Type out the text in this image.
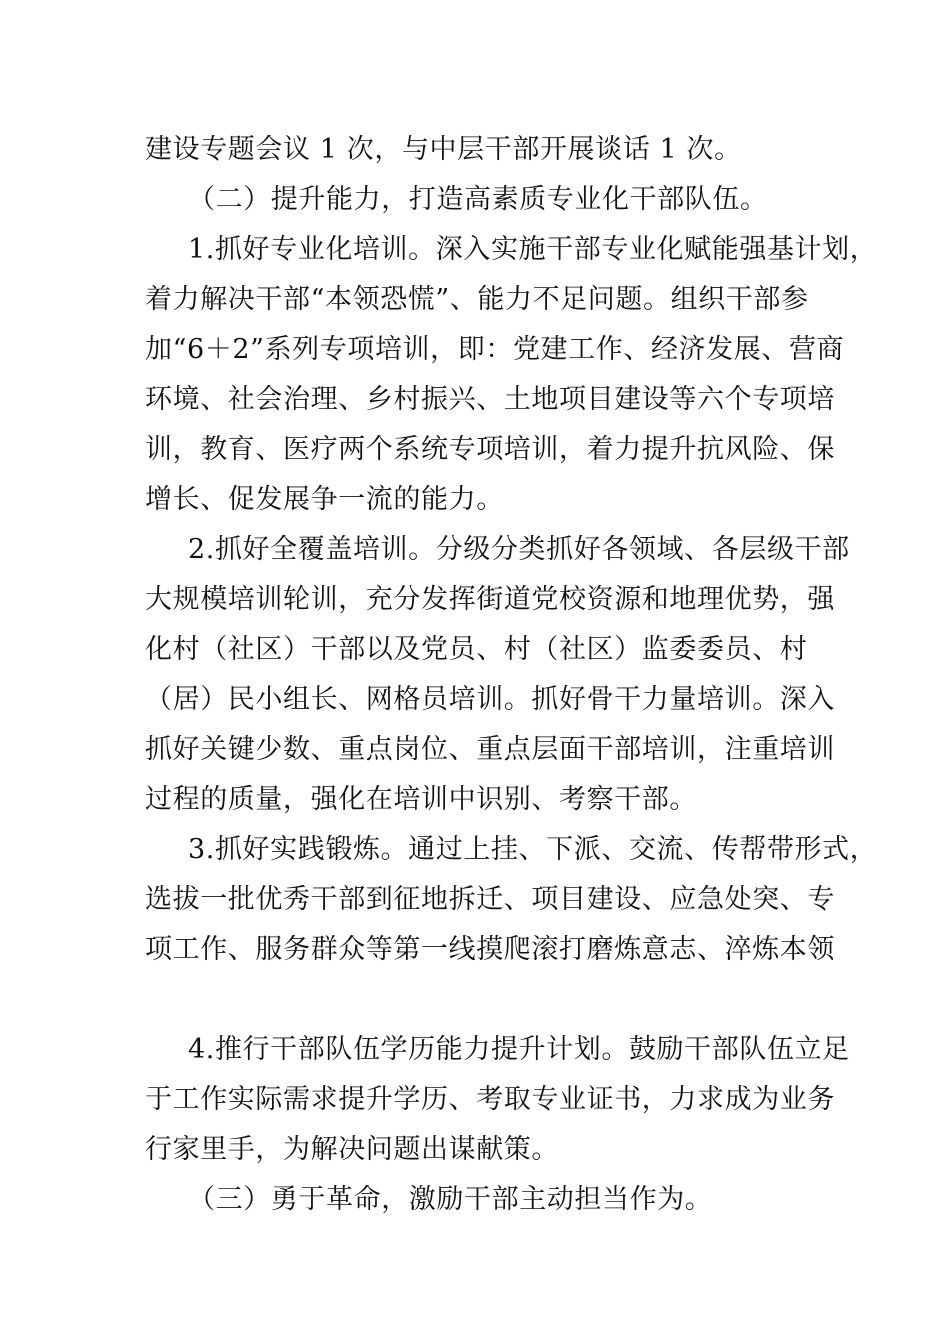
建设专题会议 1 次，与中层干部开展谈话 1 次。
（二）提升能力，打造高素质专业化干部队伍。
1.抓好专业化培训。深入实施干部专业化赋能强基计划，
着力解决干部“本领恐慌”、能力不足问题。组织干部参
加“6＋2”系列专项培训，即：党建工作、经济发展、营商
环境、社会治理、乡村振兴、土地项目建设等六个专项培
训，教育、医疗两个系统专项培训，着力提升抗风险、保
增长、促发展争一流的能力。
2.抓好全覆盖培训。分级分类抓好各领域、各层级干部
大规模培训轮训，充分发挥街道党校资源和地理优势，强
化村（社区）干部以及党员、村（社区）监委委员、村
（居）民小组长、网格员培训。抓好骨干力量培训。深入
抓好关键少数、重点岗位、重点层面干部培训，注重培训
过程的质量，强化在培训中识别、考察干部。
3.抓好实践锻炼。通过上挂、下派、交流、传帮带形式，
选拔一批优秀干部到征地拆迁、项目建设、应急处突、专
项工作、服务群众等第一线摸爬滚打磨炼意志、淬炼本领
4.推行干部队伍学历能力提升计划。鼓励干部队伍立足
于工作实际需求提升学历、考取专业证书，力求成为业务
行家里手，为解决问题出谋献策。
（三）勇于革命，激励干部主动担当作为。
